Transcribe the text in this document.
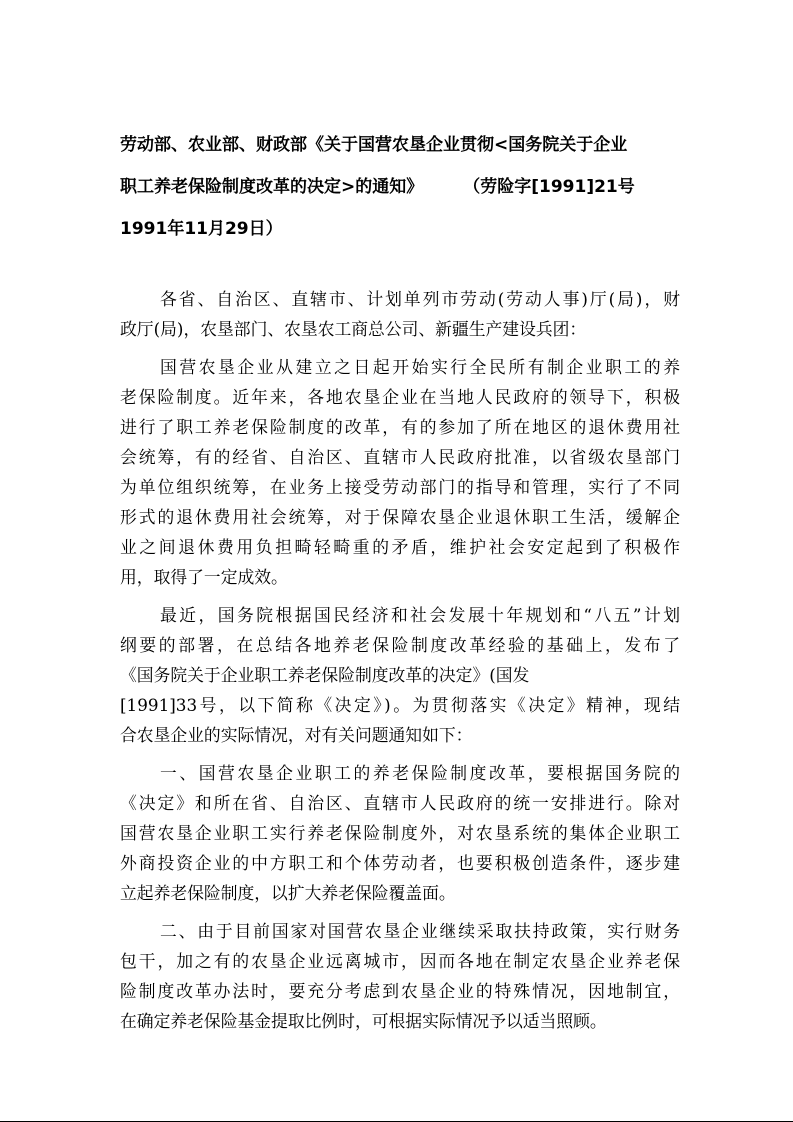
劳动部、农业部、财政部《关于国营农垦企业贯彻<国务院关于企业
职工养老保险制度改革的决定>的通知》 （劳险字[1991]21号
1991年11月29日）
各省、自治区、直辖市、计划单列市劳动(劳动人事)厅(局)，财
政厅(局)，农垦部门、农垦农工商总公司、新疆生产建设兵团：
国营农垦企业从建立之日起开始实行全民所有制企业职工的养
老保险制度。近年来，各地农垦企业在当地人民政府的领导下，积极
进行了职工养老保险制度的改革，有的参加了所在地区的退休费用社
会统筹，有的经省、自治区、直辖市人民政府批准，以省级农垦部门
为单位组织统筹，在业务上接受劳动部门的指导和管理，实行了不同
形式的退休费用社会统筹，对于保障农垦企业退休职工生活，缓解企
业之间退休费用负担畸轻畸重的矛盾，维护社会安定起到了积极作
用，取得了一定成效。
最近，国务院根据国民经济和社会发展十年规划和“八五”计划
纲要的部署，在总结各地养老保险制度改革经验的基础上，发布了
《国务院关于企业职工养老保险制度改革的决定》(国发
[1991]33号，以下简称《决定》)。为贯彻落实《决定》精神，现结
合农垦企业的实际情况，对有关问题通知如下：
一、国营农垦企业职工的养老保险制度改革，要根据国务院的
《决定》和所在省、自治区、直辖市人民政府的统一安排进行。除对
国营农垦企业职工实行养老保险制度外，对农垦系统的集体企业职工
外商投资企业的中方职工和个体劳动者，也要积极创造条件，逐步建
立起养老保险制度，以扩大养老保险覆盖面。
二、由于目前国家对国营农垦企业继续采取扶持政策，实行财务
包干，加之有的农垦企业远离城市，因而各地在制定农垦企业养老保
险制度改革办法时，要充分考虑到农垦企业的特殊情况，因地制宜，
在确定养老保险基金提取比例时，可根据实际情况予以适当照顾。
